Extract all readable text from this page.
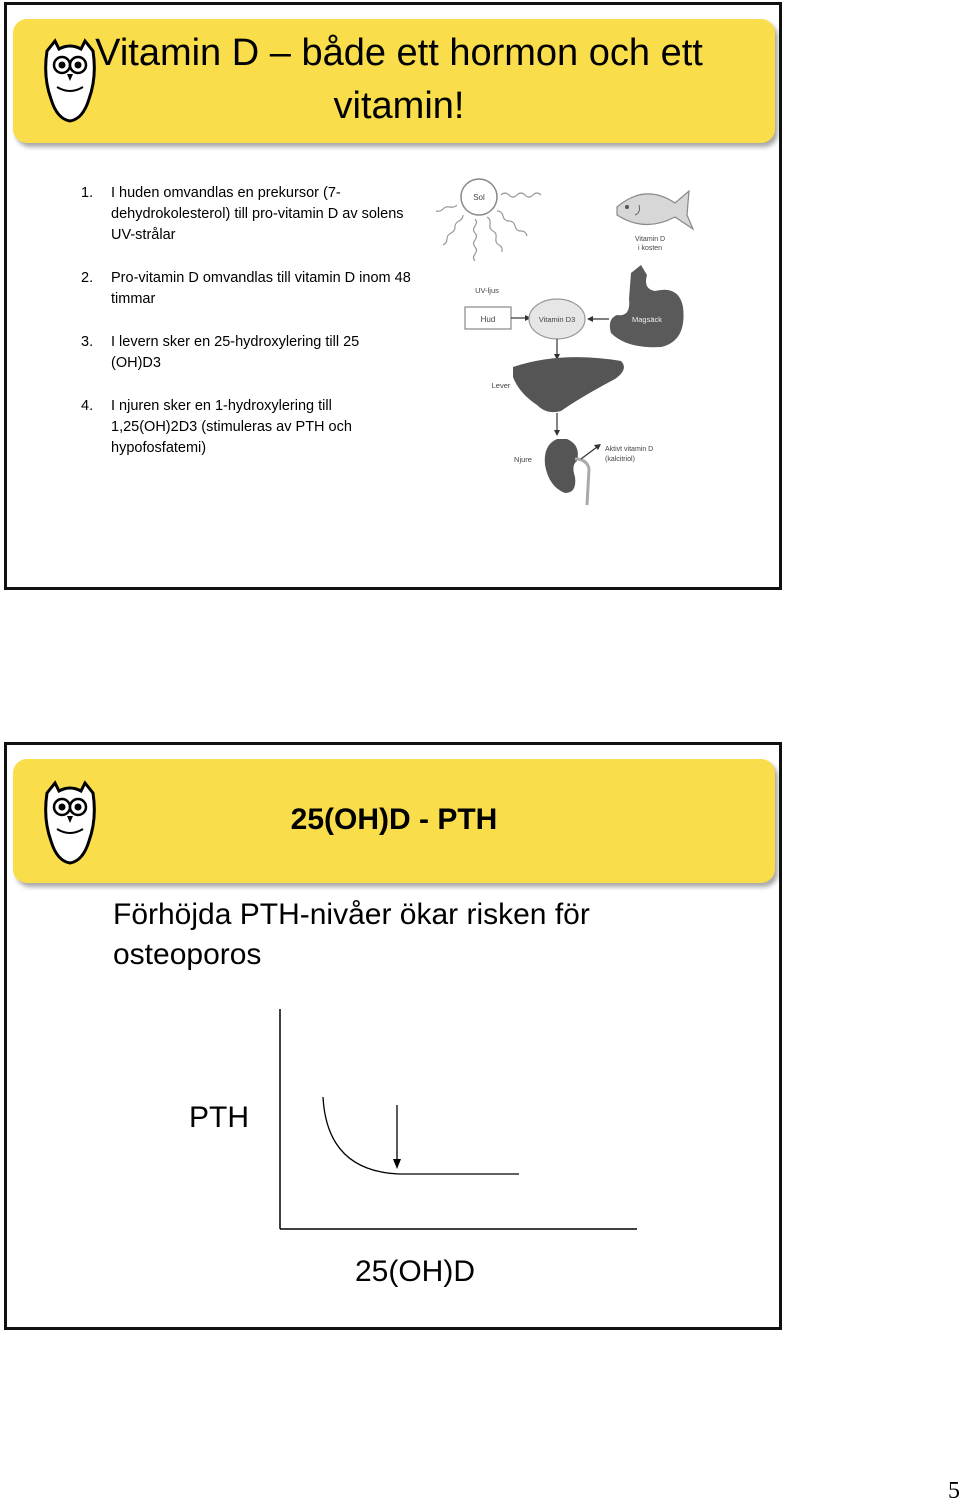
Vitamin D – både ett hormon och ett vitamin!
1. I huden omvandlas en prekursor (7-dehydrokolesterol) till pro-vitamin D av solens UV-strålar
2. Pro-vitamin D omvandlas till vitamin D inom 48 timmar
3. I levern sker en 25-hydroxylering till 25 (OH)D3
4. I njuren sker en 1-hydroxylering till 1,25(OH)2D3 (stimuleras av PTH och hypofosfatemi)
Sol
Vitamin D
i kosten
UV-ljus
Hud	Vitamin D3	Magsäck
Lever
Njure
Aktivt vitamin D
(kalcitriol)
25(OH)D - PTH
Förhöjda PTH-nivåer ökar risken för osteoporos
PTH
25(OH)D
5
